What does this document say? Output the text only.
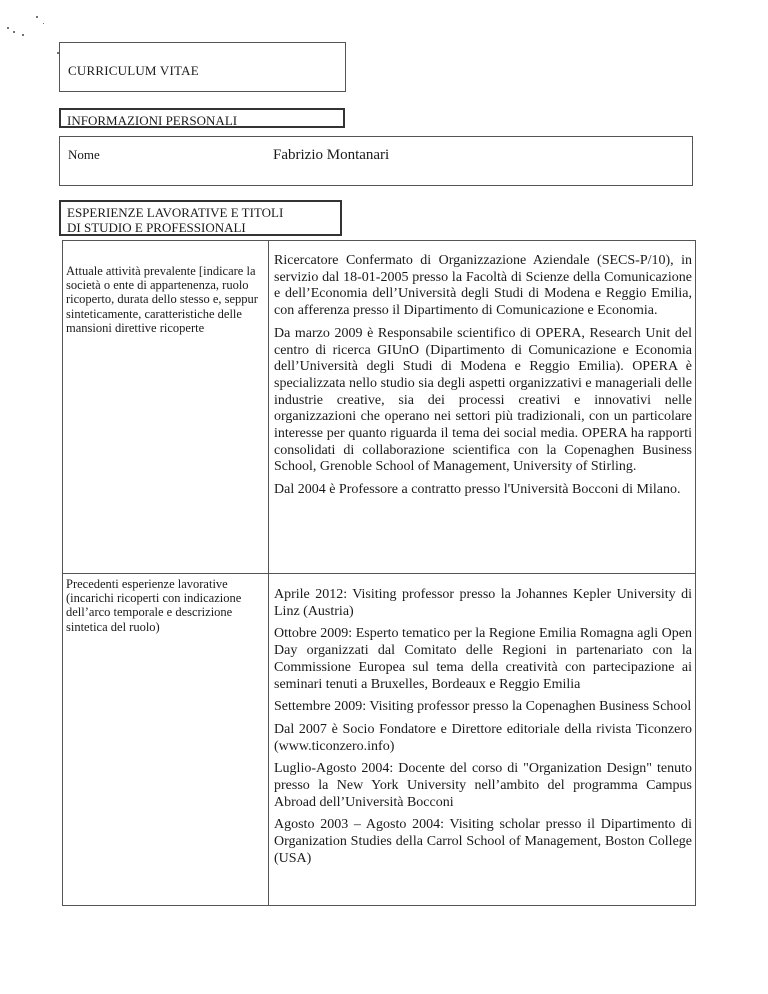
CURRICULUM VITAE
INFORMAZIONI PERSONALI
Nome	Fabrizio Montanari
ESPERIENZE LAVORATIVE E TITOLI
DI STUDIO E PROFESSIONALI
Attuale attività prevalente [indicare la società o ente di appartenenza, ruolo ricoperto, durata dello stesso e, seppur sinteticamente, caratteristiche delle mansioni direttive ricoperte

Ricercatore Confermato di Organizzazione Aziendale (SECS-P/10), in servizio dal 18-01-2005 presso la Facoltà di Scienze della Comunicazione e dell’Economia dell’Università degli Studi di Modena e Reggio Emilia, con afferenza presso il Dipartimento di Comunicazione e Economia.

Da marzo 2009 è Responsabile scientifico di OPERA, Research Unit del centro di ricerca GIUnO (Dipartimento di Comunicazione e Economia dell’Università degli Studi di Modena e Reggio Emilia). OPERA è specializzata nello studio sia degli aspetti organizzativi e manageriali delle industrie creative, sia dei processi creativi e innovativi nelle organizzazioni che operano nei settori più tradizionali, con un particolare interesse per quanto riguarda il tema dei social media. OPERA ha rapporti consolidati di collaborazione scientifica con la Copenaghen Business School, Grenoble School of Management, University of Stirling.

Dal 2004 è Professore a contratto presso l'Università Bocconi di Milano.

Precedenti esperienze lavorative (incarichi ricoperti con indicazione dell’arco temporale e descrizione sintetica del ruolo)

Aprile 2012: Visiting professor presso la Johannes Kepler University di Linz (Austria)

Ottobre 2009: Esperto tematico per la Regione Emilia Romagna agli Open Day organizzati dal Comitato delle Regioni in partenariato con la Commissione Europea sul tema della creatività con partecipazione ai seminari tenuti a Bruxelles, Bordeaux e Reggio Emilia

Settembre 2009: Visiting professor presso la Copenaghen Business School

Dal 2007 è Socio Fondatore e Direttore editoriale della rivista Ticonzero (www.ticonzero.info)

Luglio-Agosto 2004: Docente del corso di "Organization Design" tenuto presso la New York University nell’ambito del programma Campus Abroad dell’Università Bocconi

Agosto 2003 – Agosto 2004: Visiting scholar presso il Dipartimento di Organization Studies della Carrol School of Management, Boston College (USA)
